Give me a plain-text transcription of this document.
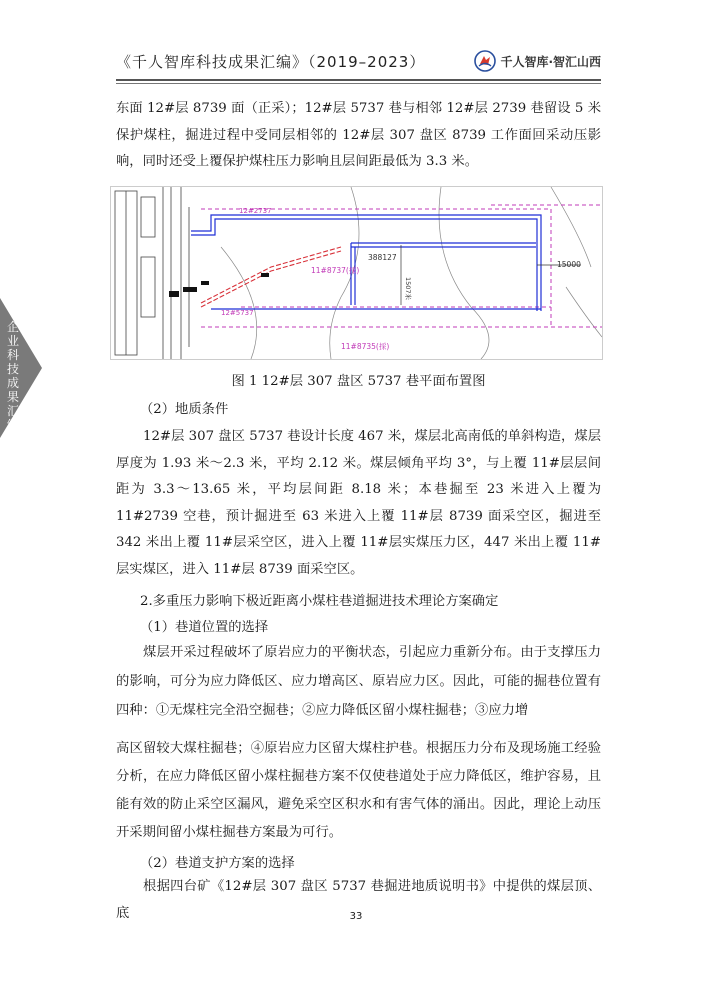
《千人智库科技成果汇编》（2019–2023）	千人智库·智汇山西
企业科技成果汇编
东面 12#层 8739 面（正采）；12#层 5737 巷与相邻 12#层 2739 巷留设 5 米保护煤柱，掘进过程中受同层相邻的 12#层 307 盘区 8739 工作面回采动压影响，同时还受上覆保护煤柱压力影响且层间距最低为 3.3 米。
11#8737(採)
388127
11#8735(採)
15000
12#5737
12#2737
1507米
图 1 12#层 307 盘区 5737 巷平面布置图
（2）地质条件
12#层 307 盘区 5737 巷设计长度 467 米，煤层北高南低的单斜构造，煤层厚度为 1.93 米～2.3 米，平均 2.12 米。煤层倾角平均 3°，与上覆 11#层层间距为 3.3～13.65 米，平均层间距 8.18 米；本巷掘至 23 米进入上覆为 11#2739 空巷，预计掘进至 63 米进入上覆 11#层 8739 面采空区，掘进至 342 米出上覆 11#层采空区，进入上覆 11#层实煤压力区，447 米出上覆 11#层实煤区，进入 11#层 8739 面采空区。
2.多重压力影响下极近距离小煤柱巷道掘进技术理论方案确定
（1）巷道位置的选择
煤层开采过程破坏了原岩应力的平衡状态，引起应力重新分布。由于支撑压力的影响，可分为应力降低区、应力增高区、原岩应力区。因此，可能的掘巷位置有四种：①无煤柱完全沿空掘巷；②应力降低区留小煤柱掘巷；③应力增
高区留较大煤柱掘巷；④原岩应力区留大煤柱护巷。根据压力分布及现场施工经验分析，在应力降低区留小煤柱掘巷方案不仅使巷道处于应力降低区，维护容易，且能有效的防止采空区漏风，避免采空区积水和有害气体的涌出。因此，理论上动压开采期间留小煤柱掘巷方案最为可行。
（2）巷道支护方案的选择
根据四台矿《12#层 307 盘区 5737 巷掘进地质说明书》中提供的煤层顶、底	33
